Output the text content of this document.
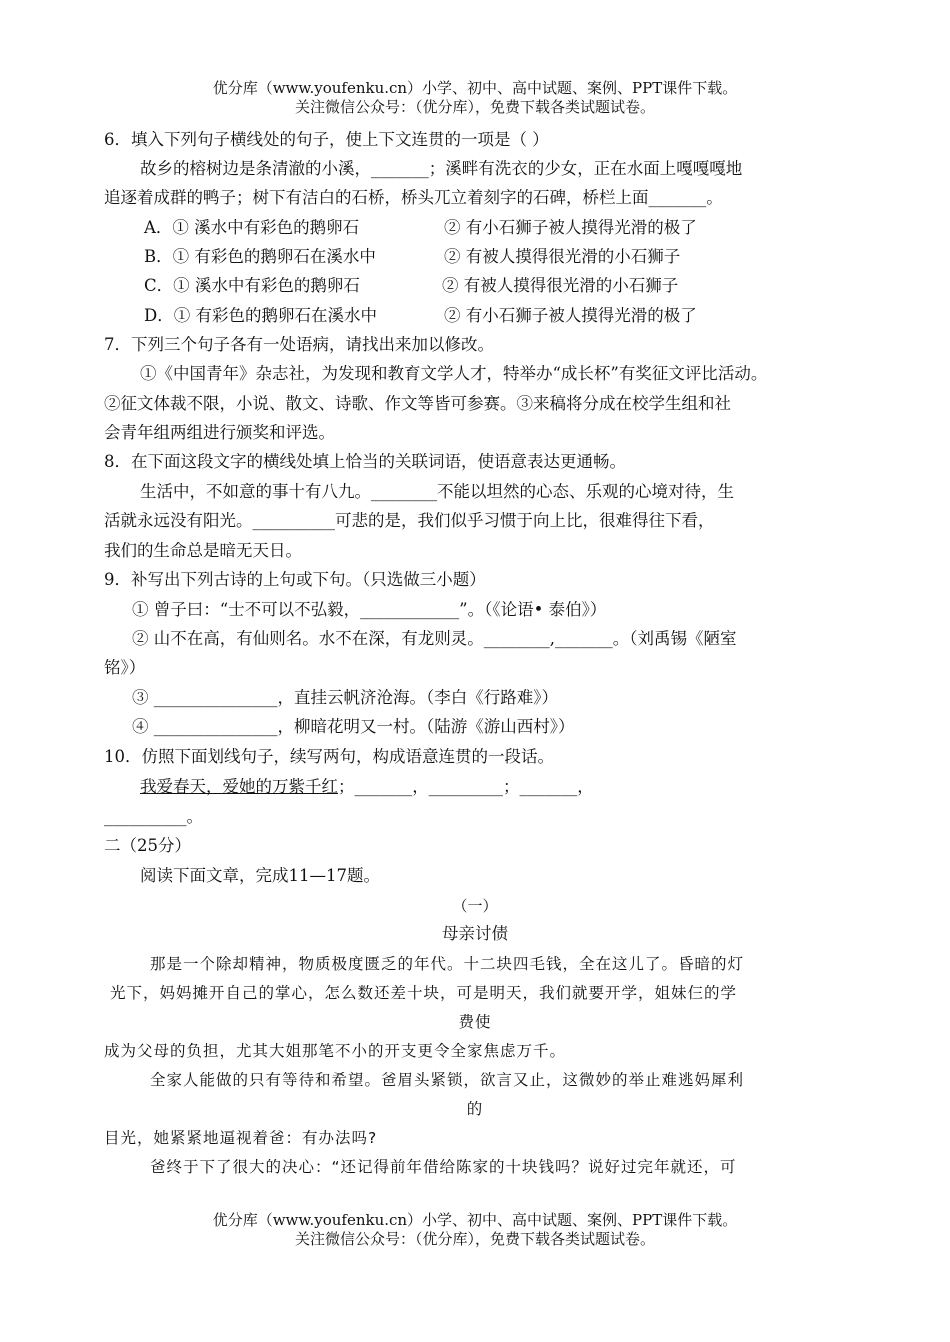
优分库（www.youfenku.cn）小学、初中、高中试题、案例、PPT课件下载。
关注微信公众号：（优分库），免费下载各类试题试卷。
6．填入下列句子横线处的句子，使上下文连贯的一项是（ ）
故乡的榕树边是条清澈的小溪，_______；溪畔有洗衣的少女，正在水面上嘎嘎嘎地
追逐着成群的鸭子；树下有洁白的石桥，桥头兀立着刻字的石碑，桥栏上面_______。
A．① 溪水中有彩色的鹅卵石	② 有小石狮子被人摸得光滑的极了
B．① 有彩色的鹅卵石在溪水中	② 有被人摸得很光滑的小石狮子
C．① 溪水中有彩色的鹅卵石	② 有被人摸得很光滑的小石狮子
D．① 有彩色的鹅卵石在溪水中	② 有小石狮子被人摸得光滑的极了
7．下列三个句子各有一处语病，请找出来加以修改。
①《中国青年》杂志社，为发现和教育文学人才，特举办“成长杯”有奖征文评比活动。
②征文体裁不限，小说、散文、诗歌、作文等皆可参赛。③来稿将分成在校学生组和社
会青年组两组进行颁奖和评选。
8．在下面这段文字的横线处填上恰当的关联词语，使语意表达更通畅。
生活中，不如意的事十有八九。________不能以坦然的心态、乐观的心境对待，生
活就永远没有阳光。__________可悲的是，我们似乎习惯于向上比，很难得往下看，
我们的生命总是暗无天日。
9．补写出下列古诗的上句或下句。（只选做三小题）
① 曾子曰：“士不可以不弘毅，____________”。（《论语• 泰伯》）
② 山不在高，有仙则名。水不在深，有龙则灵。________,_______。（刘禹锡《陋室
铭》）
③ _______________，直挂云帆济沧海。（李白《行路难》）
④ _______________，柳暗花明又一村。（陆游《游山西村》）
10．仿照下面划线句子，续写两句，构成语意连贯的一段话。
我爱春天，爱她的万紫千红；_______，_________；_______，
__________。
二（25分）
阅读下面文章，完成11—17题。
（一）
母亲讨债
那是一个除却精神，物质极度匮乏的年代。十二块四毛钱，全在这儿了。昏暗的灯
光下，妈妈摊开自己的掌心，怎么数还差十块，可是明天，我们就要开学，姐妹仨的学
费使
成为父母的负担，尤其大姐那笔不小的开支更令全家焦虑万千。
全家人能做的只有等待和希望。爸眉头紧锁，欲言又止，这微妙的举止难逃妈犀利
的
目光，她紧紧地逼视着爸：有办法吗?
爸终于下了很大的决心：“还记得前年借给陈家的十块钱吗？说好过完年就还，可
优分库（www.youfenku.cn）小学、初中、高中试题、案例、PPT课件下载。
关注微信公众号：（优分库），免费下载各类试题试卷。
